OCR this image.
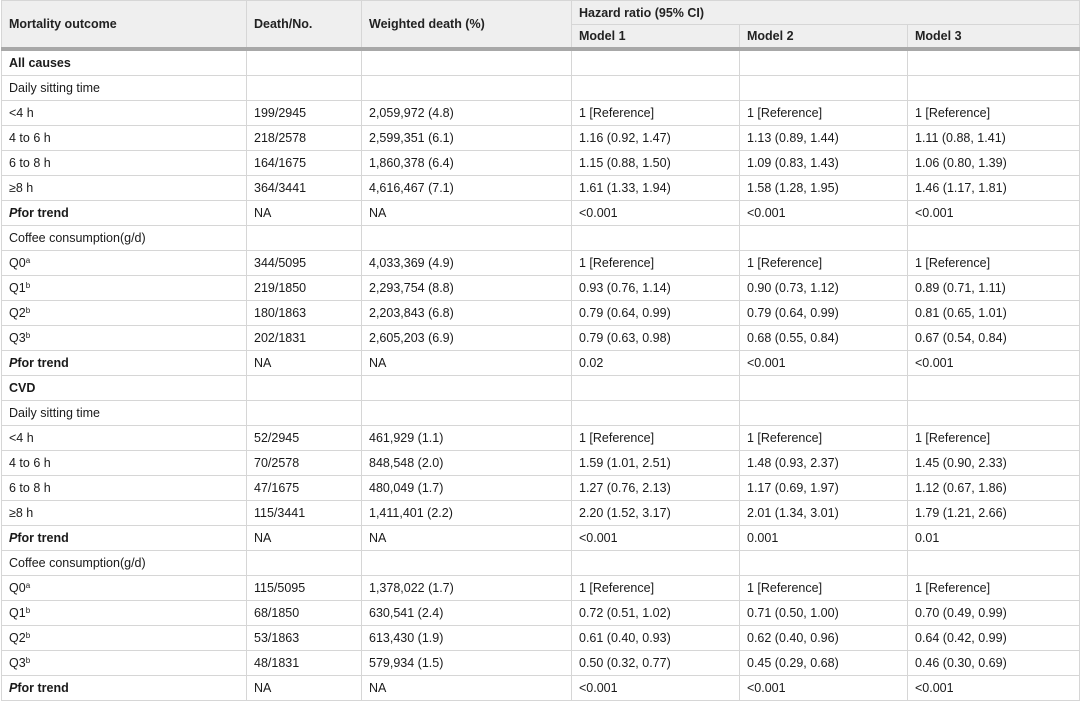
Mortality outcome	Death/No.	Weighted death (%)	Hazard ratio (95% CI)		
			Model 1	Model 2	Model 3
All causes					
Daily sitting time					
<4 h	199/2945	2,059,972 (4.8)	1 [Reference]	1 [Reference]	1 [Reference]
4 to 6 h	218/2578	2,599,351 (6.1)	1.16 (0.92, 1.47)	1.13 (0.89, 1.44)	1.11 (0.88, 1.41)
6 to 8 h	164/1675	1,860,378 (6.4)	1.15 (0.88, 1.50)	1.09 (0.83, 1.43)	1.06 (0.80, 1.39)
≥8 h	364/3441	4,616,467 (7.1)	1.61 (1.33, 1.94)	1.58 (1.28, 1.95)	1.46 (1.17, 1.81)
Pfor trend	NA	NA	<0.001	<0.001	<0.001
Coffee consumption(g/d)					
Q0$^a$	344/5095	4,033,369 (4.9)	1 [Reference]	1 [Reference]	1 [Reference]
Q1$^b$	219/1850	2,293,754 (8.8)	0.93 (0.76, 1.14)	0.90 (0.73, 1.12)	0.89 (0.71, 1.11)
Q2$^b$	180/1863	2,203,843 (6.8)	0.79 (0.64, 0.99)	0.79 (0.64, 0.99)	0.81 (0.65, 1.01)
Q3$^b$	202/1831	2,605,203 (6.9)	0.79 (0.63, 0.98)	0.68 (0.55, 0.84)	0.67 (0.54, 0.84)
Pfor trend	NA	NA	0.02	<0.001	<0.001
CVD					
Daily sitting time					
<4 h	52/2945	461,929 (1.1)	1 [Reference]	1 [Reference]	1 [Reference]
4 to 6 h	70/2578	848,548 (2.0)	1.59 (1.01, 2.51)	1.48 (0.93, 2.37)	1.45 (0.90, 2.33)
6 to 8 h	47/1675	480,049 (1.7)	1.27 (0.76, 2.13)	1.17 (0.69, 1.97)	1.12 (0.67, 1.86)
≥8 h	115/3441	1,411,401 (2.2)	2.20 (1.52, 3.17)	2.01 (1.34, 3.01)	1.79 (1.21, 2.66)
Pfor trend	NA	NA	<0.001	0.001	0.01
Coffee consumption(g/d)					
Q0$^a$	115/5095	1,378,022 (1.7)	1 [Reference]	1 [Reference]	1 [Reference]
Q1$^b$	68/1850	630,541 (2.4)	0.72 (0.51, 1.02)	0.71 (0.50, 1.00)	0.70 (0.49, 0.99)
Q2$^b$	53/1863	613,430 (1.9)	0.61 (0.40, 0.93)	0.62 (0.40, 0.96)	0.64 (0.42, 0.99)
Q3$^b$	48/1831	579,934 (1.5)	0.50 (0.32, 0.77)	0.45 (0.29, 0.68)	0.46 (0.30, 0.69)
Pfor trend	NA	NA	<0.001	<0.001	<0.001
